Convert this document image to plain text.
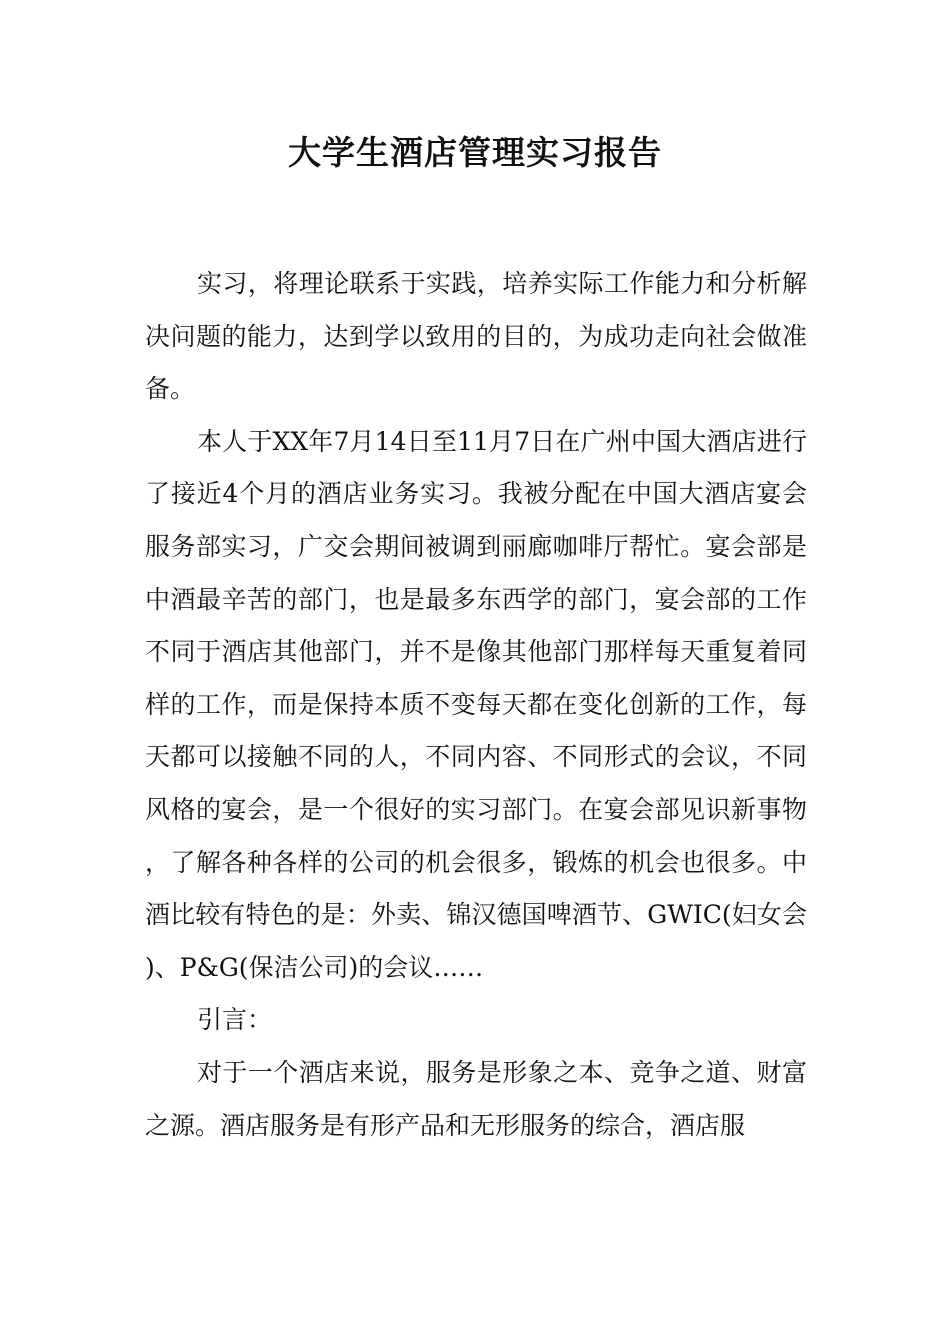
大学生酒店管理实习报告

实习，将理论联系于实践，培养实际工作能力和分析解决问题的能力，达到学以致用的目的，为成功走向社会做准备。

本人于XX年7月14日至11月7日在广州中国大酒店进行了接近4个月的酒店业务实习。我被分配在中国大酒店宴会服务部实习，广交会期间被调到丽廊咖啡厅帮忙。宴会部是中酒最辛苦的部门，也是最多东西学的部门，宴会部的工作不同于酒店其他部门，并不是像其他部门那样每天重复着同样的工作，而是保持本质不变每天都在变化创新的工作，每天都可以接触不同的人，不同内容、不同形式的会议，不同风格的宴会，是一个很好的实习部门。在宴会部见识新事物，了解各种各样的公司的机会很多，锻炼的机会也很多。中酒比较有特色的是：外卖、锦汉德国啤酒节、GWIC(妇女会)、P&G(保洁公司)的会议……

引言：

对于一个酒店来说，服务是形象之本、竞争之道、财富之源。酒店服务是有形产品和无形服务的综合，酒店服
